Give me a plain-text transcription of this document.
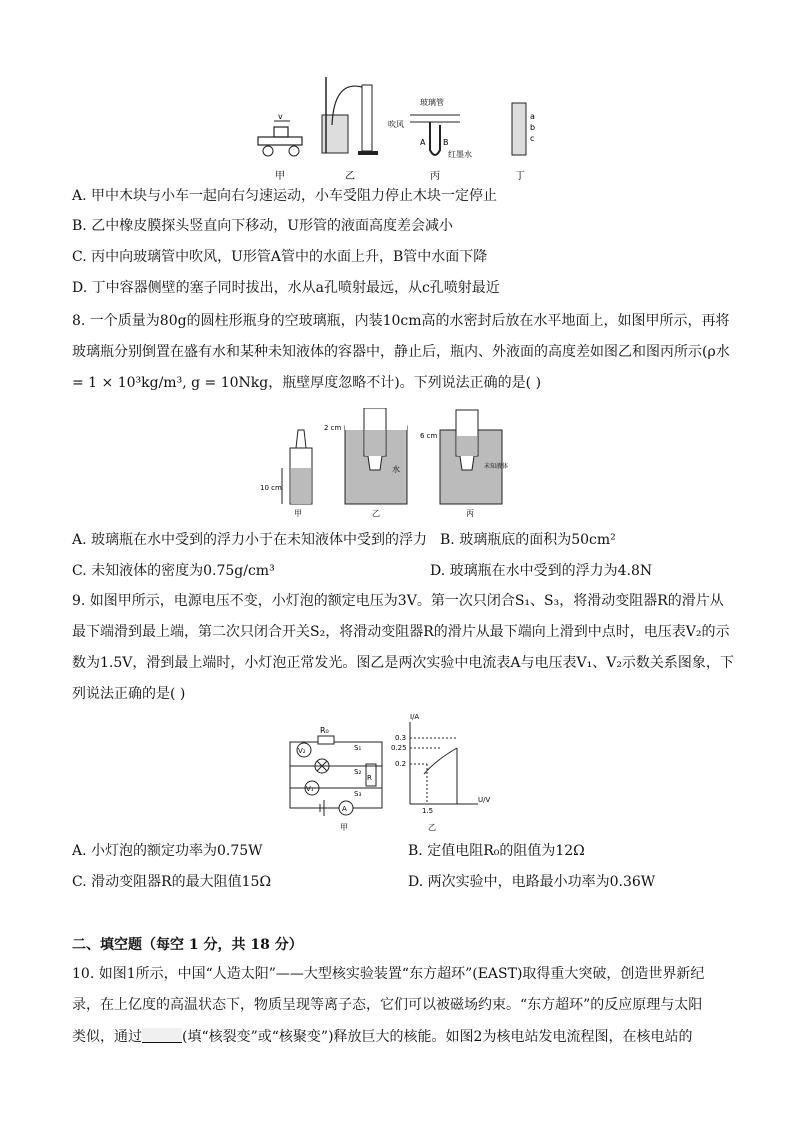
v
甲	乙
玻璃管
吹风
A B
红墨水
丙
a
b
c
丁
A. 甲中木块与小车一起向右匀速运动，小车受阻力停止木块一定停止
B. 乙中橡皮膜探头竖直向下移动，U形管的液面高度差会减小
C. 丙中向玻璃管中吹风，U形管A管中的水面上升，B管中水面下降
D. 丁中容器侧壁的塞子同时拔出，水从a孔喷射最远，从c孔喷射最近
8. 一个质量为80g的圆柱形瓶身的空玻璃瓶，内装10cm高的水密封后放在水平地面上，如图甲所示，再将
玻璃瓶分别倒置在盛有水和某种未知液体的容器中，静止后，瓶内、外液面的高度差如图乙和图丙所示(ρ水
= 1 × 10³kg/m³, g = 10Nkg，瓶壁厚度忽略不计)。下列说法正确的是( )
10 cm
甲
2 cm
水
乙
6 cm
未知液体
丙
A. 玻璃瓶在水中受到的浮力小于在未知液体中受到的浮力 B. 玻璃瓶底的面积为50cm²
C. 未知液体的密度为0.75g/cm³	D. 玻璃瓶在水中受到的浮力为4.8N
9. 如图甲所示，电源电压不变，小灯泡的额定电压为3V。第一次只闭合S₁、S₃，将滑动变阻器R的滑片从
最下端滑到最上端，第二次只闭合开关S₂，将滑动变阻器R的滑片从最下端向上滑到中点时，电压表V₂的示
数为1.5V，滑到最上端时，小灯泡正常发光。图乙是两次实验中电流表A与电压表V₁、V₂示数关系图象，下
列说法正确的是( )
R₀
V₂	S₁
S₂
R
S₃
V₁
A
甲
I/A
U/V
0.3
0.25
0.2
1.5
乙
A. 小灯泡的额定功率为0.75W	B. 定值电阻R₀的阻值为12Ω
C. 滑动变阻器R的最大阻值15Ω	D. 两次实验中，电路最小功率为0.36W
二、填空题（每空 1 分，共 18 分）
10. 如图1所示，中国“人造太阳”——大型核实验装置“东方超环”(EAST)取得重大突破，创造世界新纪
录，在上亿度的高温状态下，物质呈现等离子态，它们可以被磁场约束。“东方超环”的反应原理与太阳
类似，通过	(填“核裂变”或“核聚变”)释放巨大的核能。如图2为核电站发电流程图，在核电站的
